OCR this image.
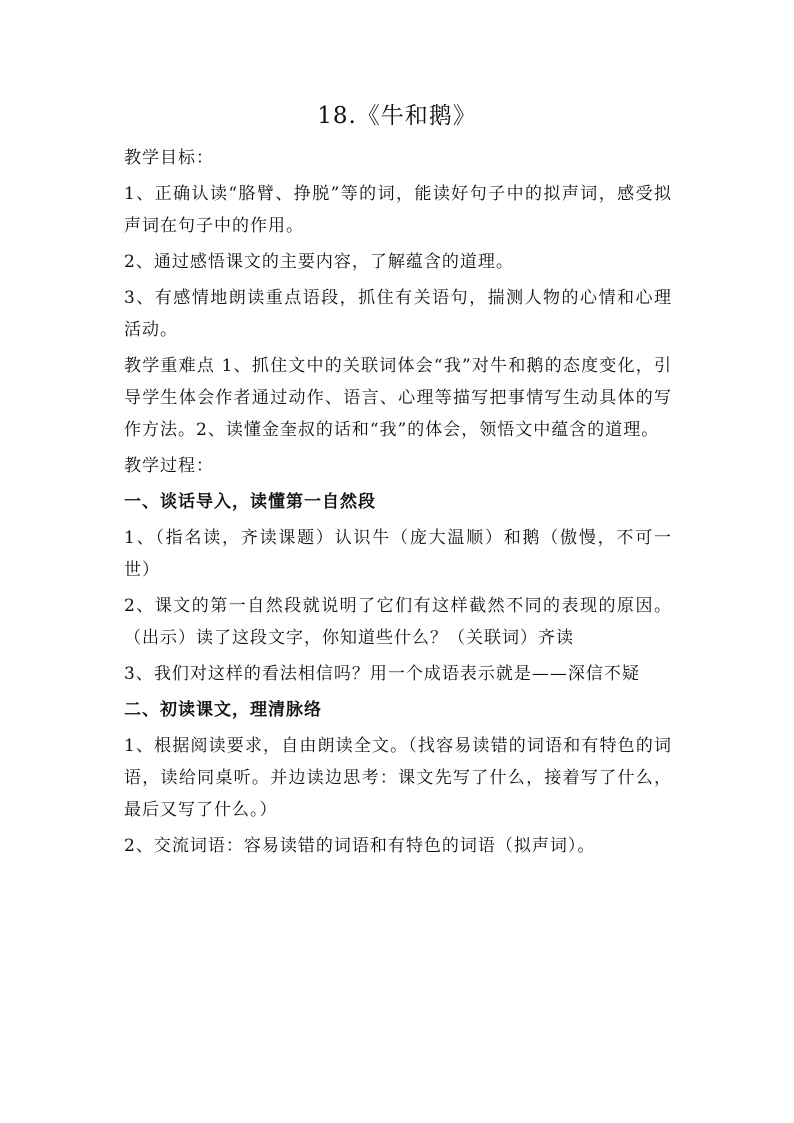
18.《牛和鹅》

教学目标：

1、正确认读“胳臂、挣脱”等的词，能读好句子中的拟声词，感受拟声词在句子中的作用。

2、通过感悟课文的主要内容，了解蕴含的道理。

3、有感情地朗读重点语段，抓住有关语句，揣测人物的心情和心理活动。

教学重难点 1、抓住文中的关联词体会“我”对牛和鹅的态度变化，引导学生体会作者通过动作、语言、心理等描写把事情写生动具体的写作方法。2、读懂金奎叔的话和“我”的体会，领悟文中蕴含的道理。

教学过程：

一、谈话导入，读懂第一自然段

1、（指名读，齐读课题）认识牛（庞大温顺）和鹅（傲慢，不可一世）

2、课文的第一自然段就说明了它们有这样截然不同的表现的原因。（出示）读了这段文字，你知道些什么？（关联词）齐读

3、我们对这样的看法相信吗？用一个成语表示就是——深信不疑

二、初读课文，理清脉络

1、根据阅读要求，自由朗读全文。（找容易读错的词语和有特色的词语，读给同桌听。并边读边思考：课文先写了什么，接着写了什么，最后又写了什么。）

2、交流词语：容易读错的词语和有特色的词语（拟声词）。
